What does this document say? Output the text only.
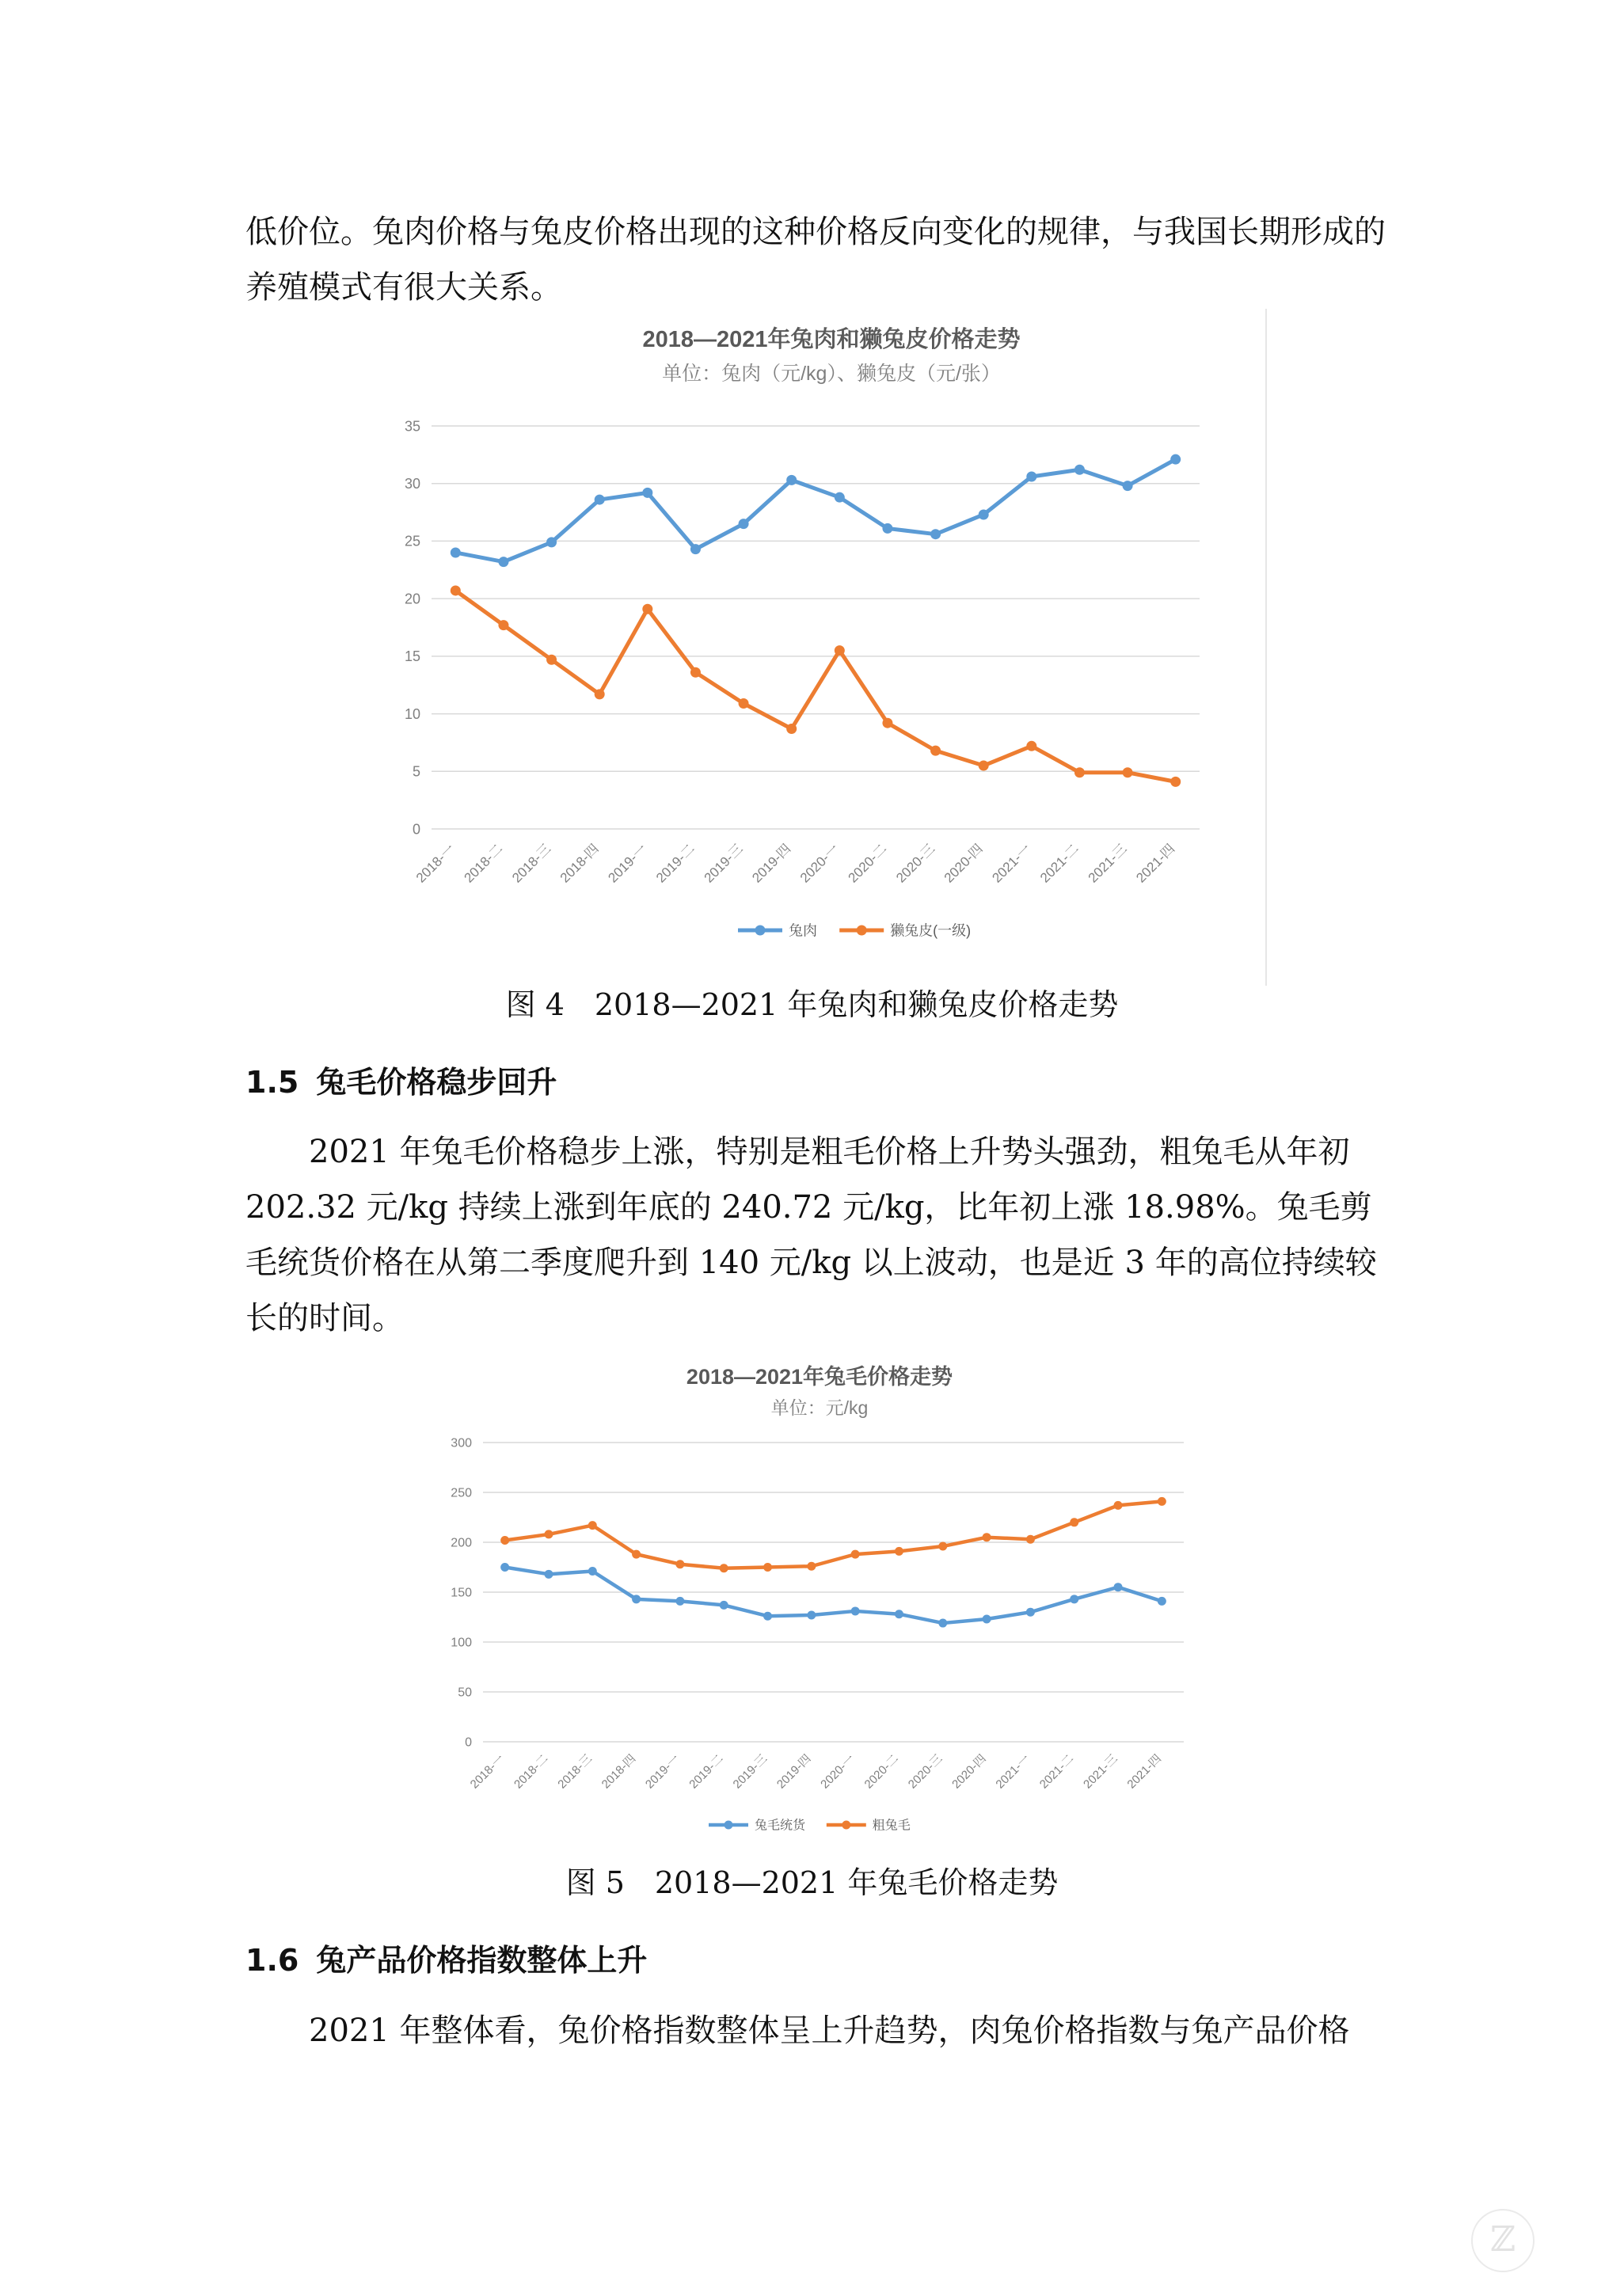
低价位。兔肉价格与兔皮价格出现的这种价格反向变化的规律，与我国长期形成的养殖模式有很大关系。

2018—2021年兔肉和獭兔皮价格走势
单位：兔肉（元/kg）、獭兔皮（元/张）
0
5
10
15
20
25
30
35
2018-一 2018-二 2018-三 2018-四 2019-一 2019-二 2019-三 2019-四 2020-一 2020-二 2020-三 2020-四 2021-一 2021-二 2021-三 2021-四
兔肉	獭兔皮(一级)

图 4 2018—2021 年兔肉和獭兔皮价格走势

1.5 兔毛价格稳步回升

2021 年兔毛价格稳步上涨，特别是粗毛价格上升势头强劲，粗兔毛从年初 202.32 元/kg 持续上涨到年底的 240.72 元/kg，比年初上涨 18.98%。兔毛剪毛统货价格在从第二季度爬升到 140 元/kg 以上波动，也是近 3 年的高位持续较长的时间。

2018—2021年兔毛价格走势
单位：元/kg
0
50
100
150
200
250
300
2018-一 2018-二 2018-三 2018-四 2019-一 2019-二 2019-三 2019-四 2020-一 2020-二 2020-三 2020-四 2021-一 2021-二 2021-三 2021-四
兔毛统货	粗兔毛

图 5 2018—2021 年兔毛价格走势

1.6 兔产品价格指数整体上升

2021 年整体看，兔价格指数整体呈上升趋势，肉兔价格指数与兔产品价格

ℤ
